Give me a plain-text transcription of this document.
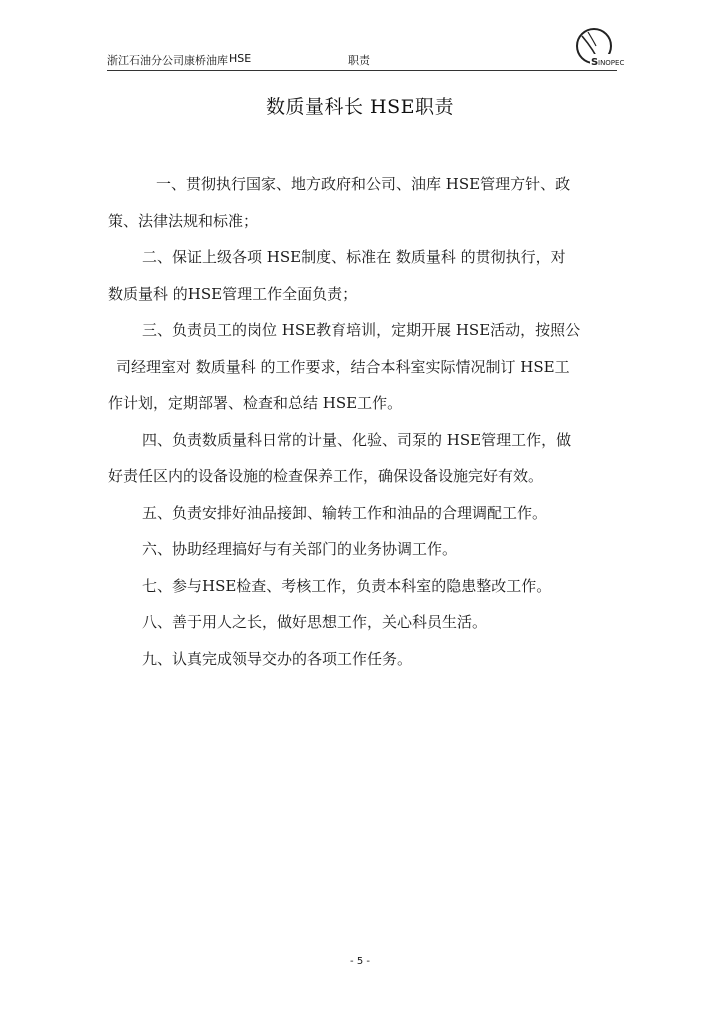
浙江石油分公司康桥油库 HSE	职责	S INOPEC
数质量科长 HSE职责

一、贯彻执行国家、地方政府和公司、油库 HSE管理方针、政
策、法律法规和标准；

二、保证上级各项 HSE制度、标准在 数质量科 的贯彻执行，对
数质量科 的HSE管理工作全面负责；

三、负责员工的岗位 HSE教育培训，定期开展 HSE活动，按照公
司经理室对 数质量科 的工作要求，结合本科室实际情况制订 HSE工
作计划，定期部署、检查和总结 HSE工作。

四、负责数质量科日常的计量、化验、司泵的 HSE管理工作，做
好责任区内的设备设施的检查保养工作，确保设备设施完好有效。

五、负责安排好油品接卸、输转工作和油品的合理调配工作。

六、协助经理搞好与有关部门的业务协调工作。

七、参与HSE检查、考核工作，负责本科室的隐患整改工作。

八、善于用人之长，做好思想工作，关心科员生活。

九、认真完成领导交办的各项工作任务。

- 5 -
